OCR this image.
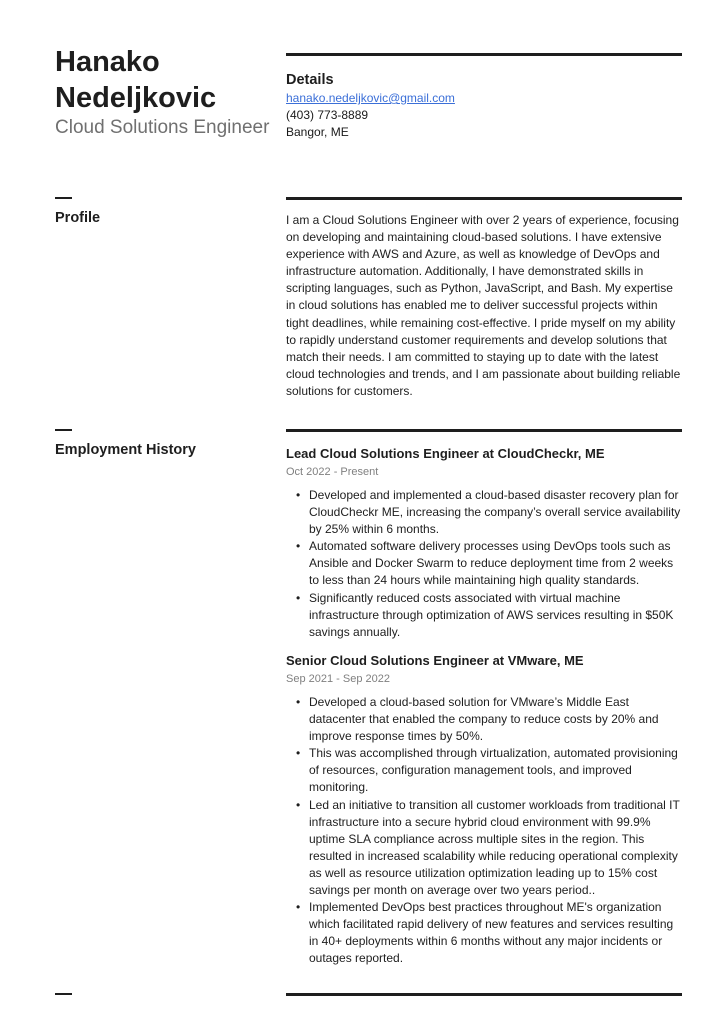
Hanako Nedeljkovic
Cloud Solutions Engineer
Details
hanako.nedeljkovic@gmail.com
(403) 773-8889
Bangor, ME
Profile	I am a Cloud Solutions Engineer with over 2 years of experience, focusing on developing and maintaining cloud-based solutions. I have extensive experience with AWS and Azure, as well as knowledge of DevOps and infrastructure automation. Additionally, I have demonstrated skills in scripting languages, such as Python, JavaScript, and Bash. My expertise in cloud solutions has enabled me to deliver successful projects within tight deadlines, while remaining cost-effective. I pride myself on my ability to rapidly understand customer requirements and develop solutions that match their needs. I am committed to staying up to date with the latest cloud technologies and trends, and I am passionate about building reliable solutions for customers.
Employment History	Lead Cloud Solutions Engineer at CloudCheckr, ME
Oct 2022 - Present
• Developed and implemented a cloud-based disaster recovery plan for CloudCheckr ME, increasing the company’s overall service availability by 25% within 6 months.
• Automated software delivery processes using DevOps tools such as Ansible and Docker Swarm to reduce deployment time from 2 weeks to less than 24 hours while maintaining high quality standards.
• Significantly reduced costs associated with virtual machine infrastructure through optimization of AWS services resulting in $50K savings annually.
Senior Cloud Solutions Engineer at VMware, ME
Sep 2021 - Sep 2022
• Developed a cloud-based solution for VMware’s Middle East datacenter that enabled the company to reduce costs by 20% and improve response times by 50%.
• This was accomplished through virtualization, automated provisioning of resources, configuration management tools, and improved monitoring.
• Led an initiative to transition all customer workloads from traditional IT infrastructure into a secure hybrid cloud environment with 99.9% uptime SLA compliance across multiple sites in the region. This resulted in increased scalability while reducing operational complexity as well as resource utilization optimization leading up to 15% cost savings per month on average over two years period..
• Implemented DevOps best practices throughout ME's organization which facilitated rapid delivery of new features and services resulting in 40+ deployments within 6 months without any major incidents or outages reported.
